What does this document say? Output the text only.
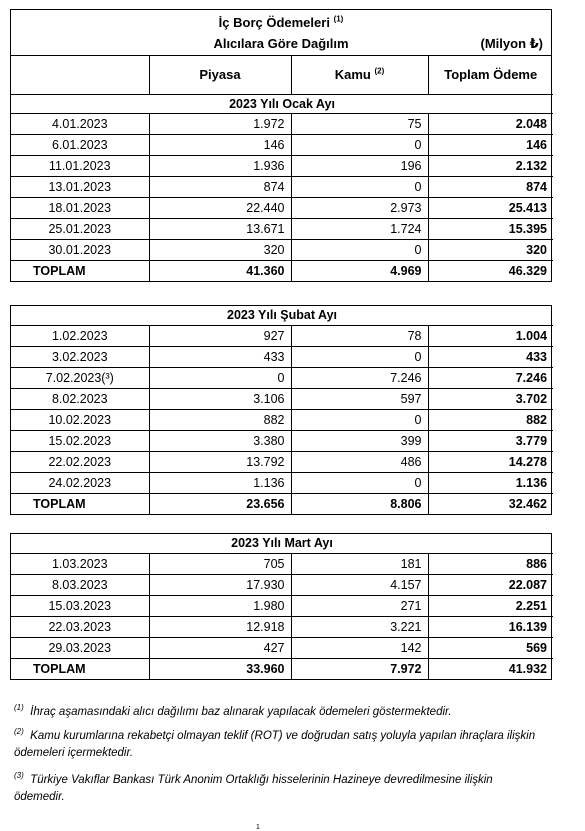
İç Borç Ödemeleri $^{(1)}$
Alıcılara Göre Dağılım	(Milyon ₺)
	Piyasa	Kamu $^{(2)}$	Toplam Ödeme
2023 Yılı Ocak Ayı			
4.01.2023	1.972	75	2.048
6.01.2023	146	0	146
11.01.2023	1.936	196	2.132
13.01.2023	874	0	874
18.01.2023	22.440	2.973	25.413
25.01.2023	13.671	1.724	15.395
30.01.2023	320	0	320
TOPLAM	41.360	4.969	46.329
2023 Yılı Şubat Ayı			
1.02.2023	927	78	1.004
3.02.2023	433	0	433
7.02.2023(³)	0	7.246	7.246
8.02.2023	3.106	597	3.702
10.02.2023	882	0	882
15.02.2023	3.380	399	3.779
22.02.2023	13.792	486	14.278
24.02.2023	1.136	0	1.136
TOPLAM	23.656	8.806	32.462
2023 Yılı Mart Ayı			
1.03.2023	705	181	886
8.03.2023	17.930	4.157	22.087
15.03.2023	1.980	271	2.251
22.03.2023	12.918	3.221	16.139
29.03.2023	427	142	569
TOPLAM	33.960	7.972	41.932
$^{(1)}$ İhraç aşamasındaki alıcı dağılımı baz alınarak yapılacak ödemeleri göstermektedir.
$^{(2)}$ Kamu kurumlarına rekabetçi olmayan teklif (ROT) ve doğrudan satış yoluyla yapılan ihraçlara ilişkin ödemeleri içermektedir.
$^{(3)}$ Türkiye Vakıflar Bankası Türk Anonim Ortaklığı hisselerinin Hazineye devredilmesine ilişkin ödemedir.
1
